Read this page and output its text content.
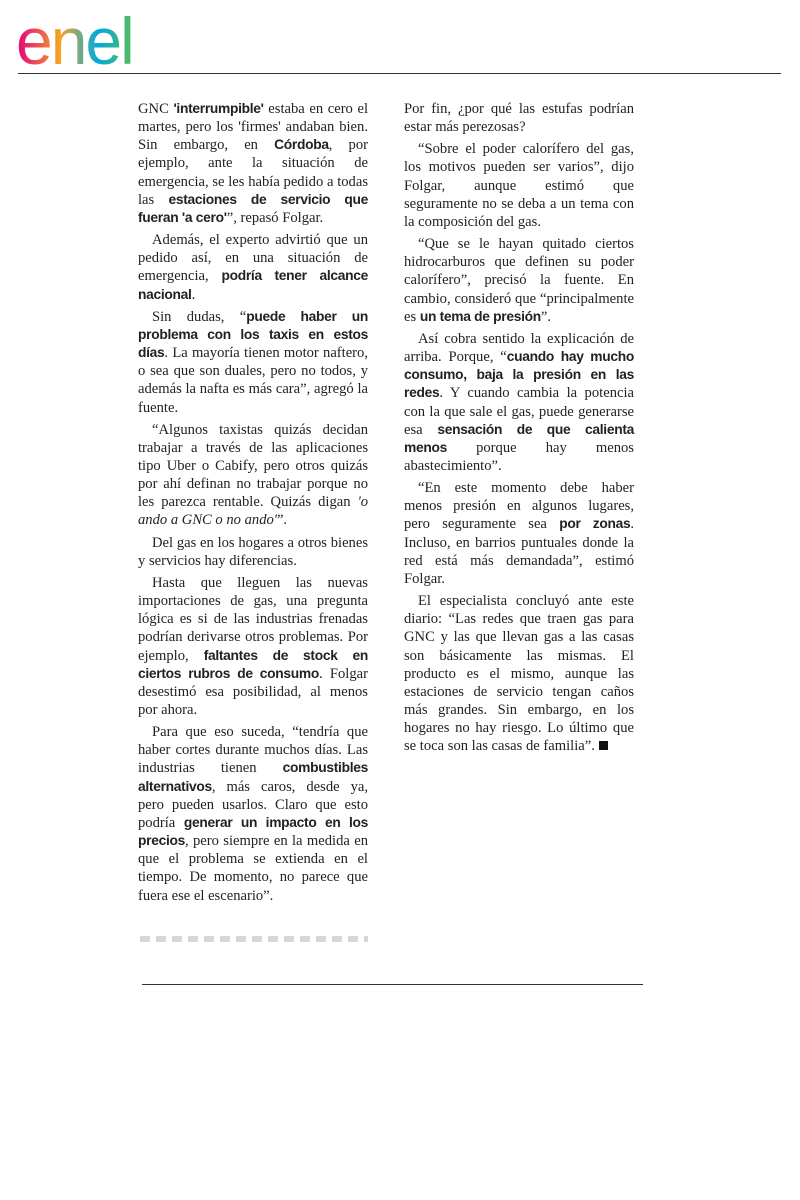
enel

GNC 'interrumpible' estaba en cero el martes, pero los 'firmes' andaban bien. Sin embargo, en Córdoba, por ejemplo, ante la situación de emergencia, se les había pedido a todas las estaciones de servicio que fueran 'a cero'”, repasó Folgar.

Además, el experto advirtió que un pedido así, en una situación de emergencia, podría tener alcance nacional.

Sin dudas, “puede haber un problema con los taxis en estos días. La mayoría tienen motor naftero, o sea que son duales, pero no todos, y además la nafta es más cara”, agregó la fuente.

“Algunos taxistas quizás decidan trabajar a través de las aplicaciones tipo Uber o Cabify, pero otros quizás por ahí definan no trabajar porque no les parezca rentable. Quizás digan 'o ando a GNC o no ando'”.

Del gas en los hogares a otros bienes y servicios hay diferencias.

Hasta que lleguen las nuevas importaciones de gas, una pregunta lógica es si de las industrias frenadas podrían derivarse otros problemas. Por ejemplo, faltantes de stock en ciertos rubros de consumo. Folgar desestimó esa posibilidad, al menos por ahora.

Para que eso suceda, “tendría que haber cortes durante muchos días. Las industrias tienen combustibles alternativos, más caros, desde ya, pero pueden usarlos. Claro que esto podría generar un impacto en los precios, pero siempre en la medida en que el problema se extienda en el tiempo. De momento, no parece que fuera ese el escenario”.

Por fin, ¿por qué las estufas podrían estar más perezosas?

“Sobre el poder calorífero del gas, los motivos pueden ser varios”, dijo Folgar, aunque estimó que seguramente no se deba a un tema con la composición del gas.

“Que se le hayan quitado ciertos hidrocarburos que definen su poder calorífero”, precisó la fuente. En cambio, consideró que “principalmente es un tema de presión”.

Así cobra sentido la explicación de arriba. Porque, “cuando hay mucho consumo, baja la presión en las redes. Y cuando cambia la potencia con la que sale el gas, puede generarse esa sensación de que calienta menos porque hay menos abastecimiento”.

“En este momento debe haber menos presión en algunos lugares, pero seguramente sea por zonas. Incluso, en barrios puntuales donde la red está más demandada”, estimó Folgar.

El especialista concluyó ante este diario: “Las redes que traen gas para GNC y las que llevan gas a las casas son básicamente las mismas. El producto es el mismo, aunque las estaciones de servicio tengan caños más grandes. Sin embargo, en los hogares no hay riesgo. Lo último que se toca son las casas de familia”.
